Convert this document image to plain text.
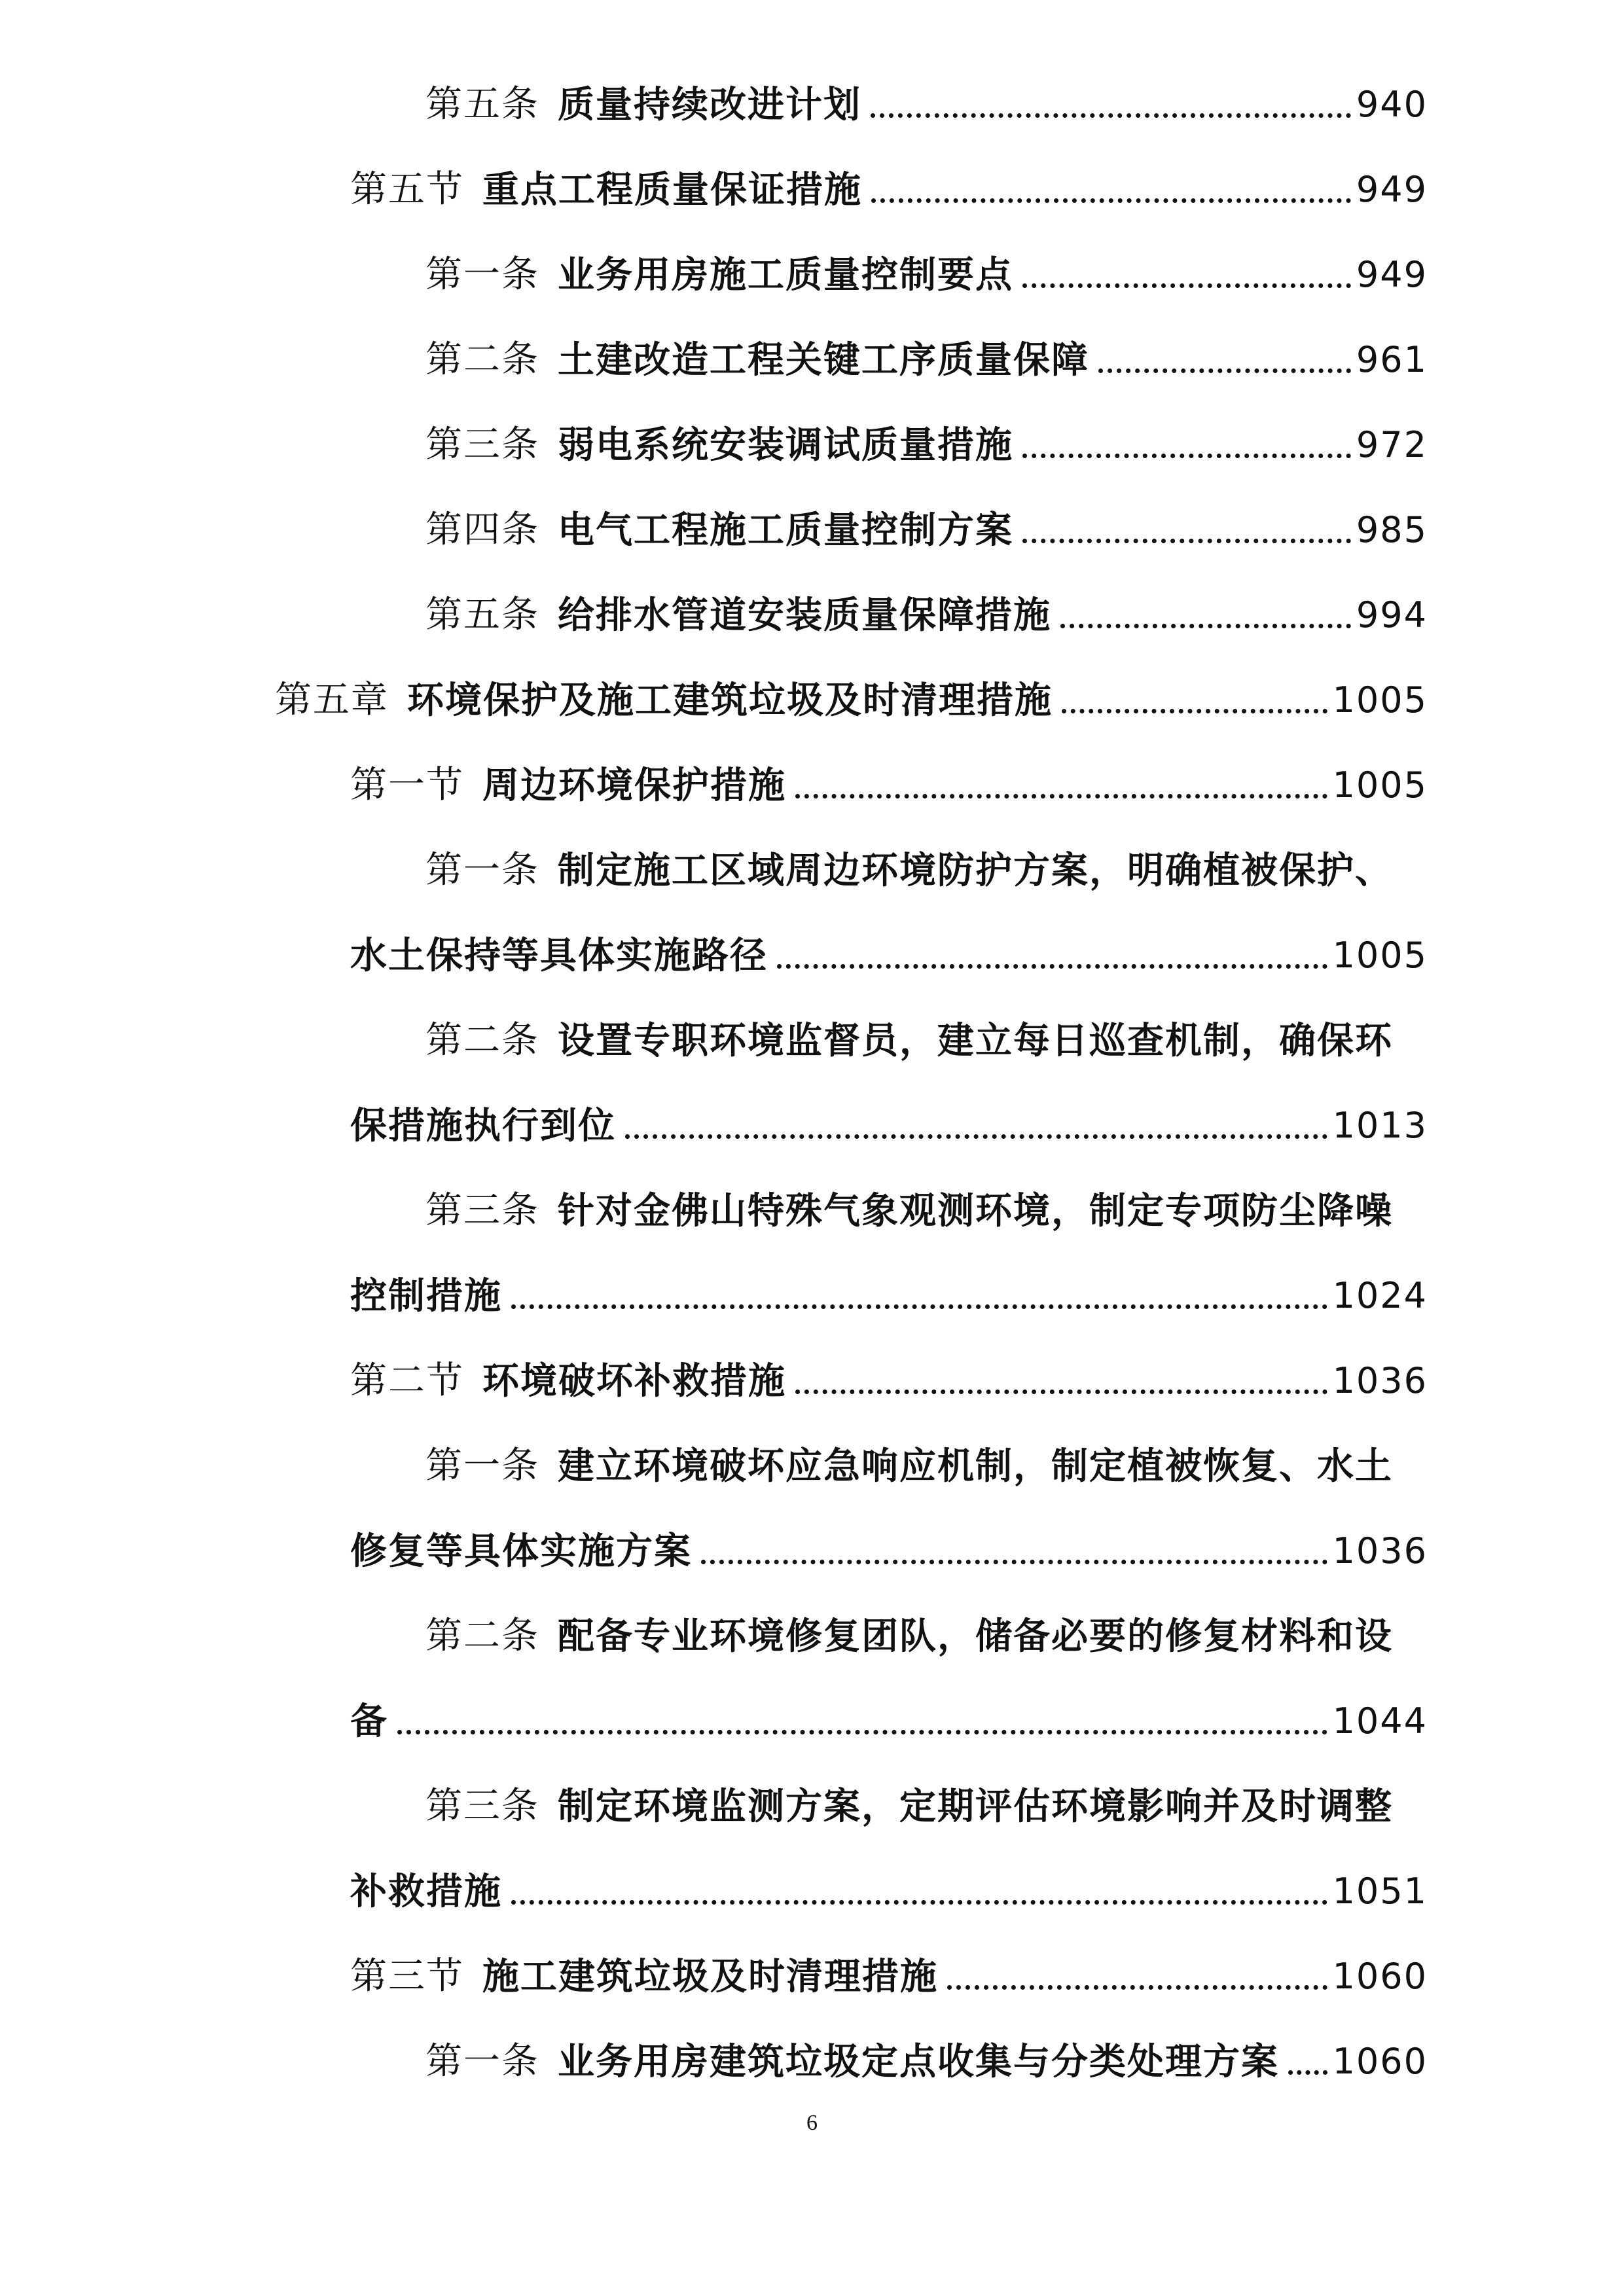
第五条 质量持续改进计划	940
第五节 重点工程质量保证措施	949
第一条 业务用房施工质量控制要点	949
第二条 土建改造工程关键工序质量保障	961
第三条 弱电系统安装调试质量措施	972
第四条 电气工程施工质量控制方案	985
第五条 给排水管道安装质量保障措施	994
第五章 环境保护及施工建筑垃圾及时清理措施	1005
第一节 周边环境保护措施	1005
第一条 制定施工区域周边环境防护方案，明确植被保护、
水土保持等具体实施路径	1005
第二条 设置专职环境监督员，建立每日巡查机制，确保环
保措施执行到位	1013
第三条 针对金佛山特殊气象观测环境，制定专项防尘降噪
控制措施	1024
第二节 环境破坏补救措施	1036
第一条 建立环境破坏应急响应机制，制定植被恢复、水土
修复等具体实施方案	1036
第二条 配备专业环境修复团队，储备必要的修复材料和设
备	1044
第三条 制定环境监测方案，定期评估环境影响并及时调整
补救措施	1051
第三节 施工建筑垃圾及时清理措施	1060
第一条 业务用房建筑垃圾定点收集与分类处理方案 1060
6
